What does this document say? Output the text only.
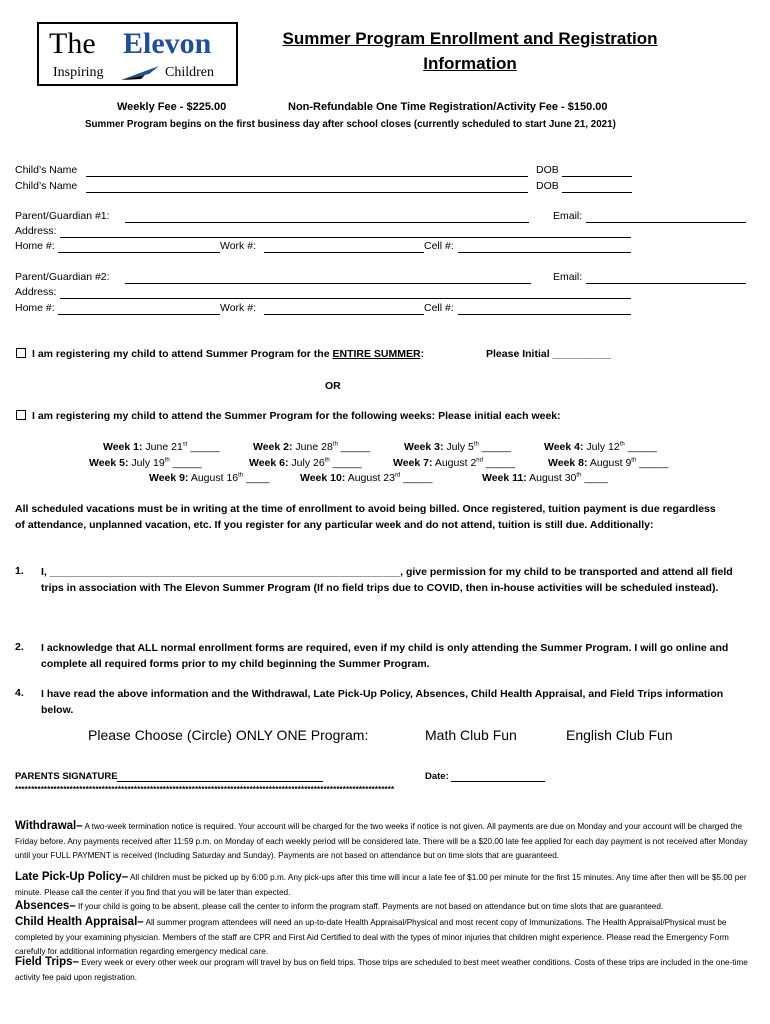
The Elevon
Inspiring	Children
Summer Program Enrollment and Registration
Information
Weekly Fee - $225.00	Non-Refundable One Time Registration/Activity Fee - $150.00
Summer Program begins on the first business day after school closes (currently scheduled to start June 21, 2021)
Child’s Name	DOB
Child’s Name	DOB
Parent/Guardian #1:	Email:
Address:
Home #:	Work #:	Cell #:
Parent/Guardian #2:	Email:
Address:
Home #:	Work #:	Cell #:
I am registering my child to attend Summer Program for the ENTIRE SUMMER:	Please Initial __________
OR
I am registering my child to attend the Summer Program for the following weeks: Please initial each week:
Week 1: June 21st _____	Week 2: June 28th _____	Week 3: July 5th _____	Week 4: July 12th _____
Week 5: July 19th _____	Week 6: July 26th _____	Week 7: August 2nd _____	Week 8: August 9th _____
Week 9: August 16th ____	Week 10: August 23rd _____	Week 11: August 30th ____
All scheduled vacations must be in writing at the time of enrollment to avoid being billed. Once registered, tuition payment is due regardless of attendance, unplanned vacation, etc. If you register for any particular week and do not attend, tuition is still due. Additionally:
1. I, ____________________________________________________________, give permission for my child to be transported and attend all field trips in association with The Elevon Summer Program (If no field trips due to COVID, then in-house activities will be scheduled instead).
2. I acknowledge that ALL normal enrollment forms are required, even if my child is only attending the Summer Program. I will go online and complete all required forms prior to my child beginning the Summer Program.
4. I have read the above information and the Withdrawal, Late Pick-Up Policy, Absences, Child Health Appraisal, and Field Trips information below.
Please Choose (Circle) ONLY ONE Program:	Math Club Fun	English Club Fun
PARENTS SIGNATURE	Date:
**********************************************************************************************************************
Withdrawal– A two-week termination notice is required. Your account will be charged for the two weeks if notice is not given. All payments are due on Monday and your account will be charged the Friday before. Any payments received after 11:59 p.m. on Monday of each weekly period will be considered late. There will be a $20.00 late fee applied for each day payment is not received after Monday until your FULL PAYMENT is received (Including Saturday and Sunday). Payments are not based on attendance but on time slots that are guaranteed.
Late Pick-Up Policy– All children must be picked up by 6:00 p.m. Any pick-ups after this time will incur a late fee of $1.00 per minute for the first 15 minutes. Any time after then will be $5.00 per minute. Please call the center if you find that you will be later than expected.
Absences– If your child is going to be absent, please call the center to inform the program staff. Payments are not based on attendance but on time slots that are guaranteed.
Child Health Appraisal– All summer program attendees will need an up-to-date Health Appraisal/Physical and most recent copy of Immunizations. The Health Appraisal/Physical must be completed by your examining physician. Members of the staff are CPR and First Aid Certified to deal with the types of minor injuries that children might experience. Please read the Emergency Form carefully for additional information regarding emergency medical care.
Field Trips– Every week or every other week our program will travel by bus on field trips. Those trips are scheduled to best meet weather conditions. Costs of these trips are included in the one-time activity fee paid upon registration.
